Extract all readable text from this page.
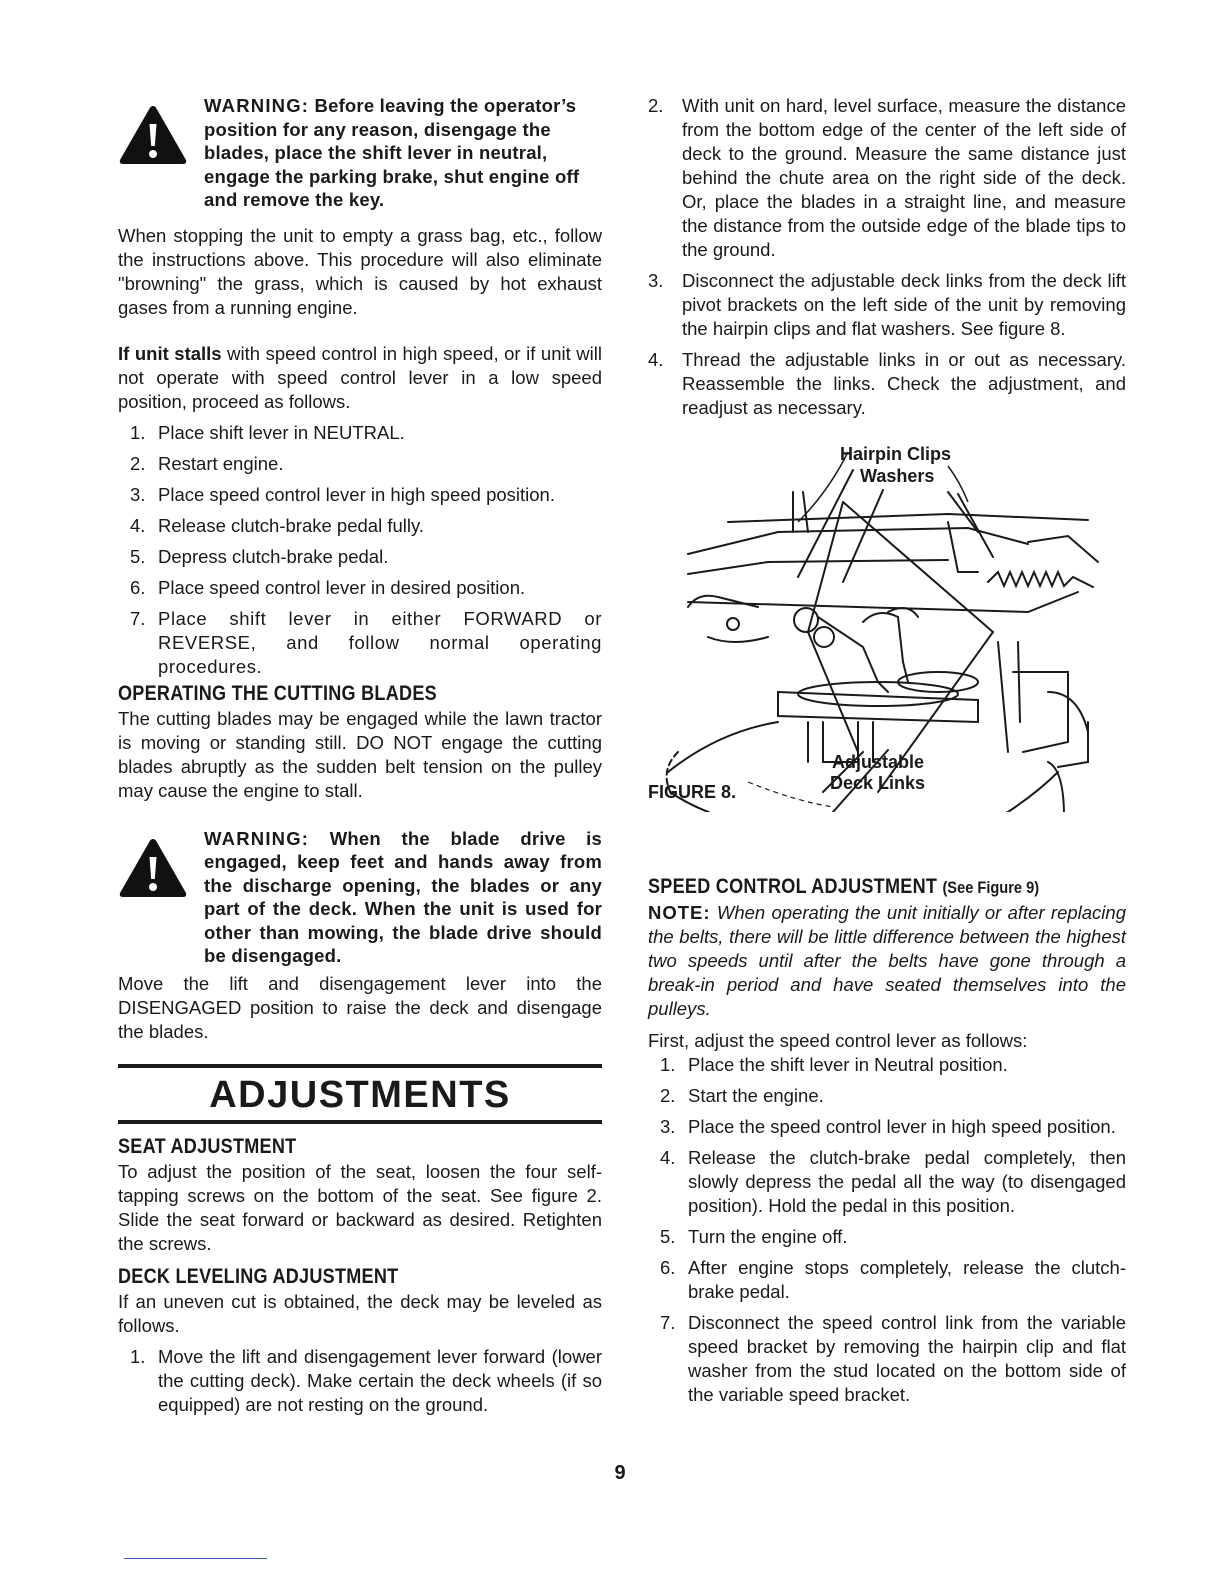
WARNING: Before leaving the operator’s position for any reason, disengage the blades, place the shift lever in neutral, engage the parking brake, shut engine off and remove the key.

When stopping the unit to empty a grass bag, etc., follow the instructions above. This procedure will also eliminate "browning" the grass, which is caused by hot exhaust gases from a running engine.

If unit stalls with speed control in high speed, or if unit will not operate with speed control lever in a low speed position, proceed as follows.

1. Place shift lever in NEUTRAL.
2. Restart engine.
3. Place speed control lever in high speed position.
4. Release clutch-brake pedal fully.
5. Depress clutch-brake pedal.
6. Place speed control lever in desired position.
7. Place shift lever in either FORWARD or REVERSE, and follow normal operating procedures.
OPERATING THE CUTTING BLADES

The cutting blades may be engaged while the lawn tractor is moving or standing still. DO NOT engage the cutting blades abruptly as the sudden belt tension on the pulley may cause the engine to stall.

WARNING: When the blade drive is engaged, keep feet and hands away from the discharge opening, the blades or any part of the deck. When the unit is used for other than mowing, the blade drive should be disengaged.

Move the lift and disengagement lever into the DISENGAGED position to raise the deck and disengage the blades.

ADJUSTMENTS
SEAT ADJUSTMENT

To adjust the position of the seat, loosen the four self-tapping screws on the bottom of the seat. See figure 2. Slide the seat forward or backward as desired. Retighten the screws.

DECK LEVELING ADJUSTMENT

If an uneven cut is obtained, the deck may be leveled as follows.

1. Move the lift and disengagement lever forward (lower the cutting deck). Make certain the deck wheels (if so equipped) are not resting on the ground.
2.	With unit on hard, level surface, measure the distance from the bottom edge of the center of the left side of deck to the ground. Measure the same distance just behind the chute area on the right side of the deck. Or, place the blades in a straight line, and measure the distance from the outside edge of the blade tips to the ground.
3.	Disconnect the adjustable deck links from the deck lift pivot brackets on the left side of the unit by removing the hairpin clips and flat washers. See figure 8.
4.	Thread the adjustable links in or out as necessary. Reassemble the links. Check the adjustment, and readjust as necessary.
Hairpin Clips
Washers
Adjustable
Deck Links
FIGURE 8.
SPEED CONTROL ADJUSTMENT (See Figure 9)

NOTE: When operating the unit initially or after replacing the belts, there will be little difference between the highest two speeds until after the belts have gone through a break-in period and have seated themselves into the pulleys.

First, adjust the speed control lever as follows:

1. Place the shift lever in Neutral position.
2. Start the engine.
3. Place the speed control lever in high speed position.
4. Release the clutch-brake pedal completely, then slowly depress the pedal all the way (to disengaged position). Hold the pedal in this position.
5. Turn the engine off.
6. After engine stops completely, release the clutch-brake pedal.
7. Disconnect the speed control link from the variable speed bracket by removing the hairpin clip and flat washer from the stud located on the bottom side of the variable speed bracket.
9
